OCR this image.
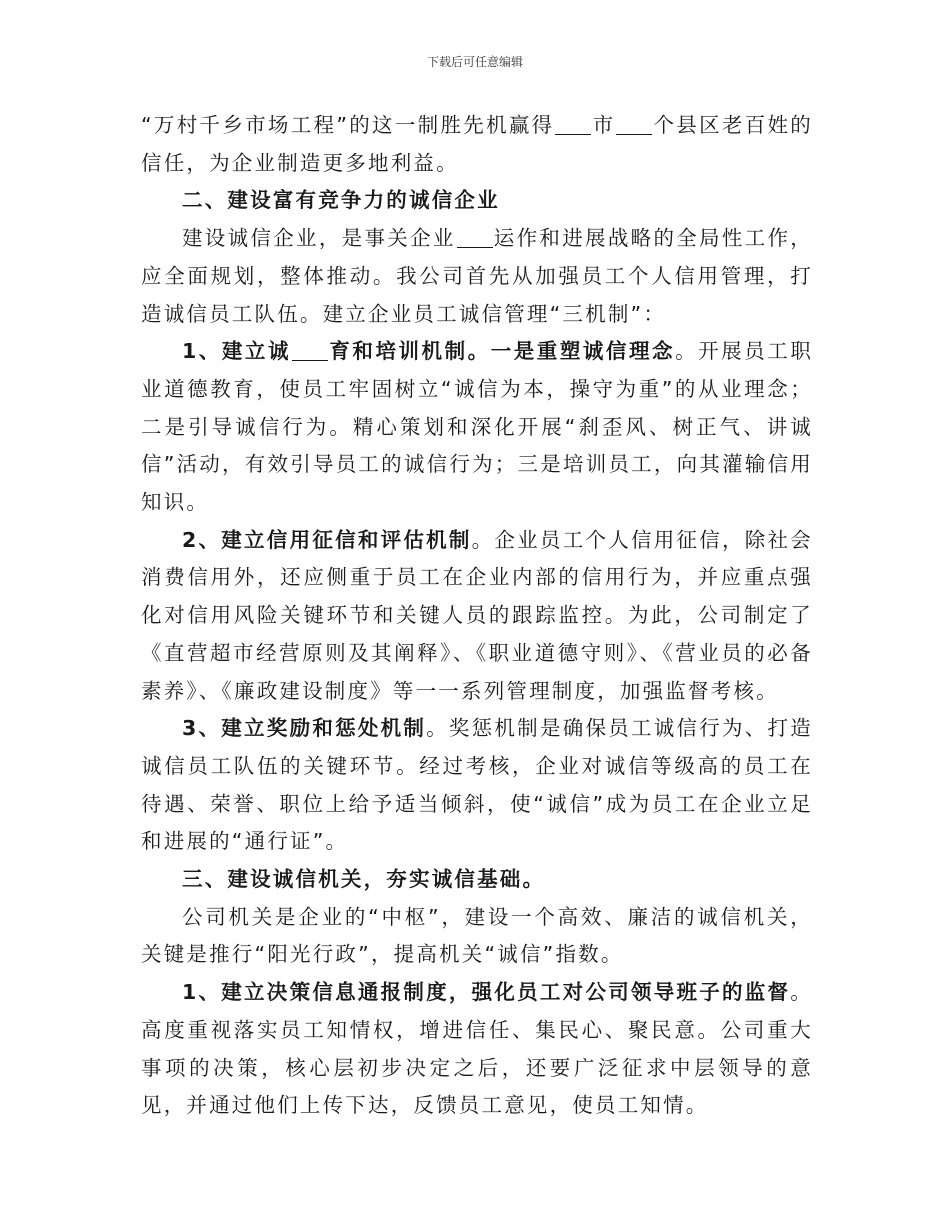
下载后可任意编辑

“万村千乡市场工程”的这一制胜先机赢得 市 个县区老百姓的信任，为企业制造更多地利益。

二、建设富有竞争力的诚信企业

建设诚信企业，是事关企业 运作和进展战略的全局性工作，应全面规划，整体推动。我公司首先从加强员工个人信用管理，打造诚信员工队伍。建立企业员工诚信管理“三机制”：

1、建立诚 育和培训机制。一是重塑诚信理念。开展员工职业道德教育，使员工牢固树立“诚信为本，操守为重”的从业理念；二是引导诚信行为。精心策划和深化开展“刹歪风、树正气、讲诚信”活动，有效引导员工的诚信行为；三是培训员工，向其灌输信用知识。

2、建立信用征信和评估机制。企业员工个人信用征信，除社会消费信用外，还应侧重于员工在企业内部的信用行为，并应重点强化对信用风险关键环节和关键人员的跟踪监控。为此，公司制定了《直营超市经营原则及其阐释》、《职业道德守则》、《营业员的必备素养》、《廉政建设制度》等一一系列管理制度，加强监督考核。

3、建立奖励和惩处机制。奖惩机制是确保员工诚信行为、打造诚信员工队伍的关键环节。经过考核，企业对诚信等级高的员工在待遇、荣誉、职位上给予适当倾斜，使“诚信”成为员工在企业立足和进展的“通行证”。

三、建设诚信机关，夯实诚信基础。

公司机关是企业的“中枢”，建设一个高效、廉洁的诚信机关，关键是推行“阳光行政”，提高机关“诚信”指数。

1、建立决策信息通报制度，强化员工对公司领导班子的监督。高度重视落实员工知情权，增进信任、集民心、聚民意。公司重大事项的决策，核心层初步决定之后，还要广泛征求中层领导的意见，并通过他们上传下达，反馈员工意见，使员工知情。
